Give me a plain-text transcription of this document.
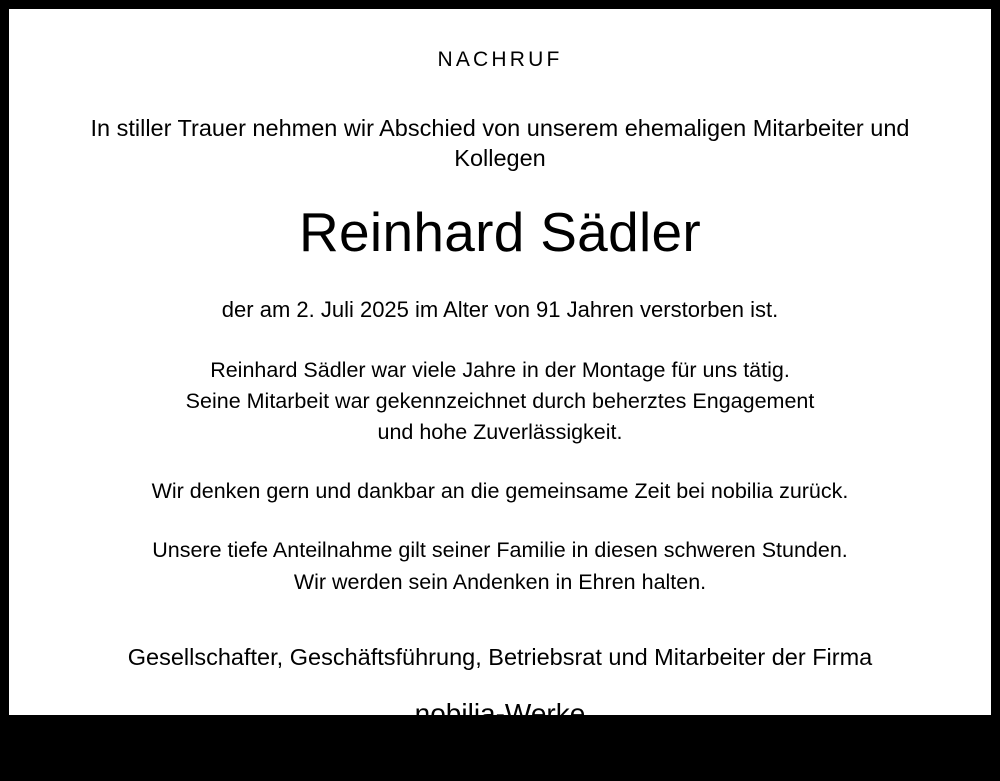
NACHRUF
In stiller Trauer nehmen wir Abschied von unserem ehemaligen Mitarbeiter und Kollegen
Reinhard Sädler
der am 2. Juli 2025 im Alter von 91 Jahren verstorben ist.
Reinhard Sädler war viele Jahre in der Montage für uns tätig.
Seine Mitarbeit war gekennzeichnet durch beherztes Engagement
und hohe Zuverlässigkeit.
Wir denken gern und dankbar an die gemeinsame Zeit bei nobilia zurück.
Unsere tiefe Anteilnahme gilt seiner Familie in diesen schweren Stunden.
Wir werden sein Andenken in Ehren halten.
Gesellschafter, Geschäftsführung, Betriebsrat und Mitarbeiter der Firma
nobilia-Werke
J. Stickling GmbH & Co. KG
